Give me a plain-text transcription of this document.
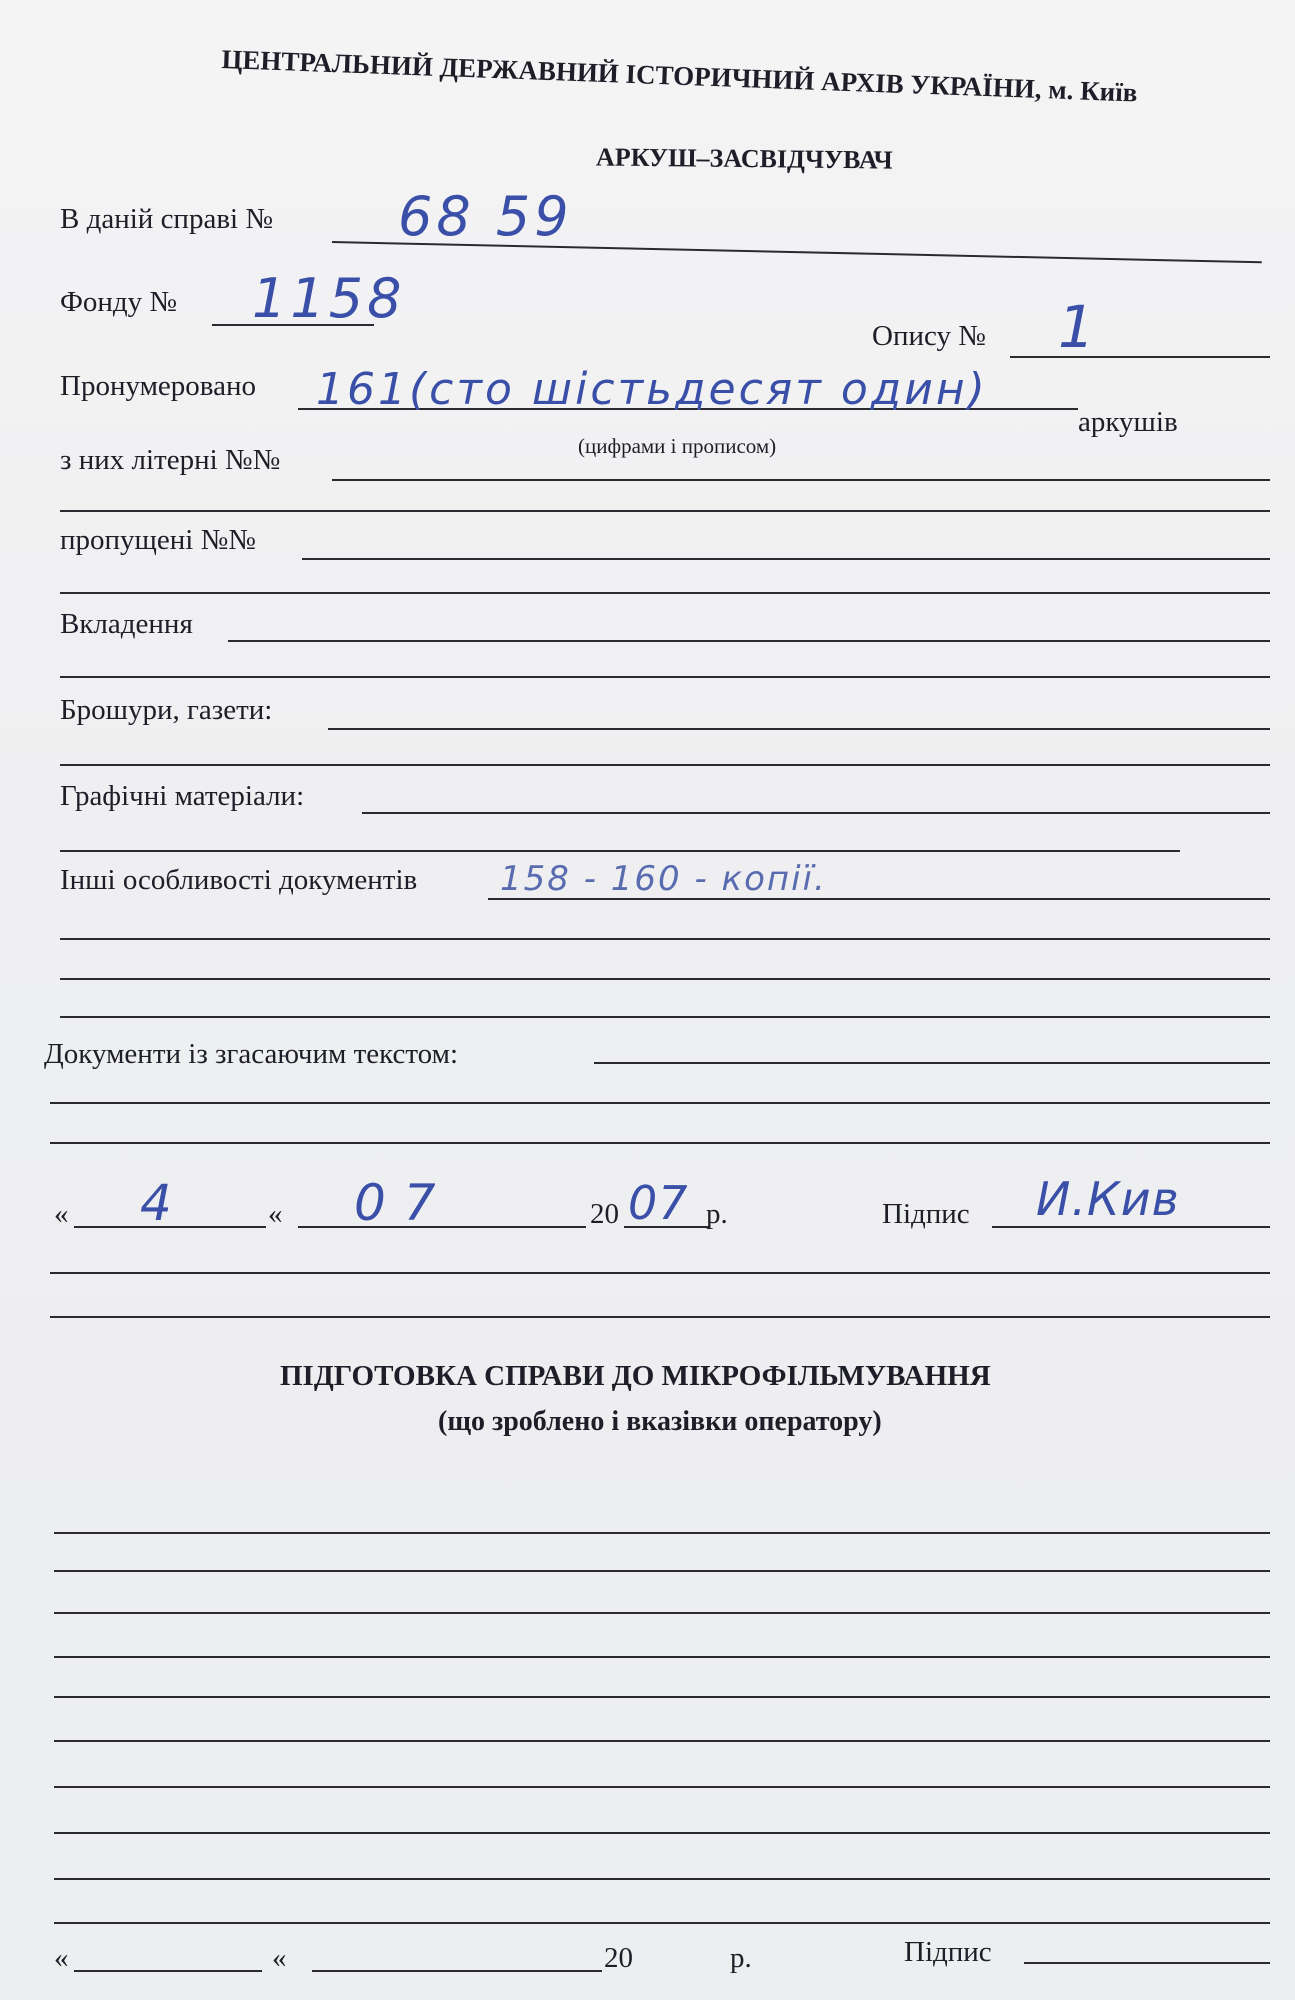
ЦЕНТРАЛЬНИЙ ДЕРЖАВНИЙ ІСТОРИЧНИЙ АРХІВ УКРАЇНИ, м. Київ
АРКУШ–ЗАСВІДЧУВАЧ
В даній справі № 68 59
Фонду № 1158
Опису № 1
Пронумеровано 161(сто шістьдесят один)
аркушів
(цифрами і прописом)
з них літерні №№
пропущені №№
Вкладення
Брошури, газети:
Графічні матеріали:
Інші особливості документів 158 - 160 - копії.
Документи із згасаючим текстом:
« 4	« 07	20 07 р.	Підпис И.Кив
ПІДГОТОВКА СПРАВИ ДО МІКРОФІЛЬМУВАННЯ
(що зроблено і вказівки оператору)
«	«	20	р.	Підпис
